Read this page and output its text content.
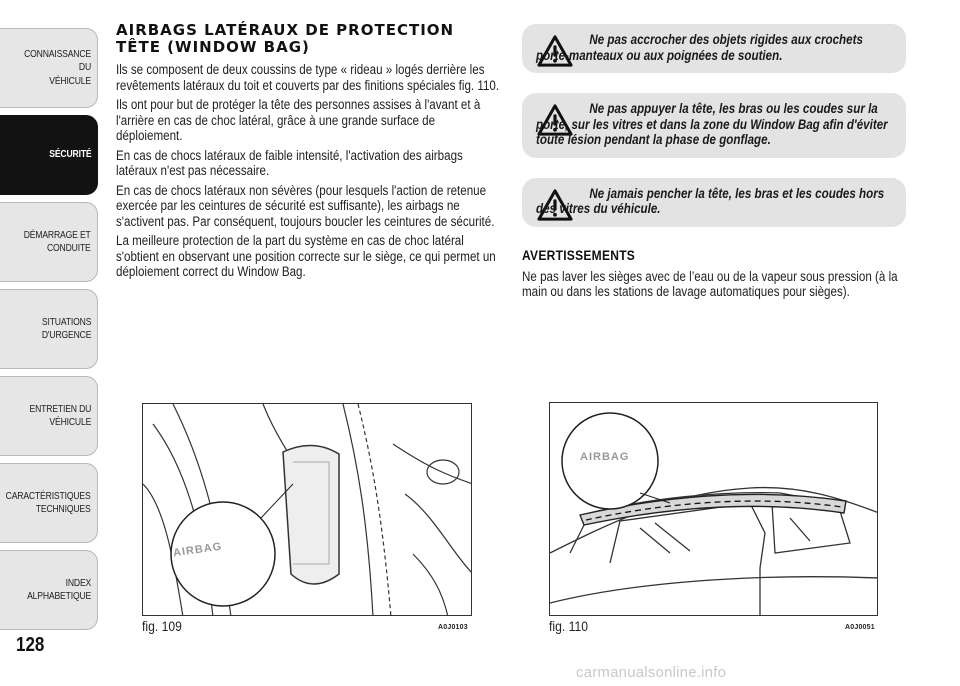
CONNAISSANCE DU
VÉHICULE
SÉCURITÉ
DÉMARRAGE ET
CONDUITE
SITUATIONS
D'URGENCE
ENTRETIEN DU
VÉHICULE
CARACTÉRISTIQUES
TECHNIQUES
INDEX
ALPHABETIQUE
128
AIRBAGS LATÉRAUX DE PROTECTION TÊTE (WINDOW BAG)

Ils se composent de deux coussins de type « rideau » logés derrière les revêtements latéraux du toit et couverts par des finitions spéciales fig. 110.

Ils ont pour but de protéger la tête des personnes assises à l'avant et à l'arrière en cas de choc latéral, grâce à une grande surface de déploiement.

En cas de chocs latéraux de faible intensité, l'activation des airbags latéraux n'est pas nécessaire.

En cas de chocs latéraux non sévères (pour lesquels l'action de retenue exercée par les ceintures de sécurité est suffisante), les airbags ne s'activent pas. Par conséquent, toujours boucler les ceintures de sécurité.

La meilleure protection de la part du système en cas de choc latéral s'obtient en observant une position correcte sur le siège, ce qui permet un déploiement correct du Window Bag.

Ne pas accrocher des objets rigides aux crochets porte-manteaux ou aux poignées de soutien.

Ne pas appuyer la tête, les bras ou les coudes sur la porte, sur les vitres et dans la zone du Window Bag afin d'éviter toute lésion pendant la phase de gonflage.

Ne jamais pencher la tête, les bras et les coudes hors des vitres du véhicule.

AVERTISSEMENTS

Ne pas laver les sièges avec de l’eau ou de la vapeur sous pression (à la main ou dans les stations de lavage automatiques pour sièges).

AIRBAG
fig. 109	A0J0103
AIRBAG
fig. 110	A0J0051
carmanualsonline.info
